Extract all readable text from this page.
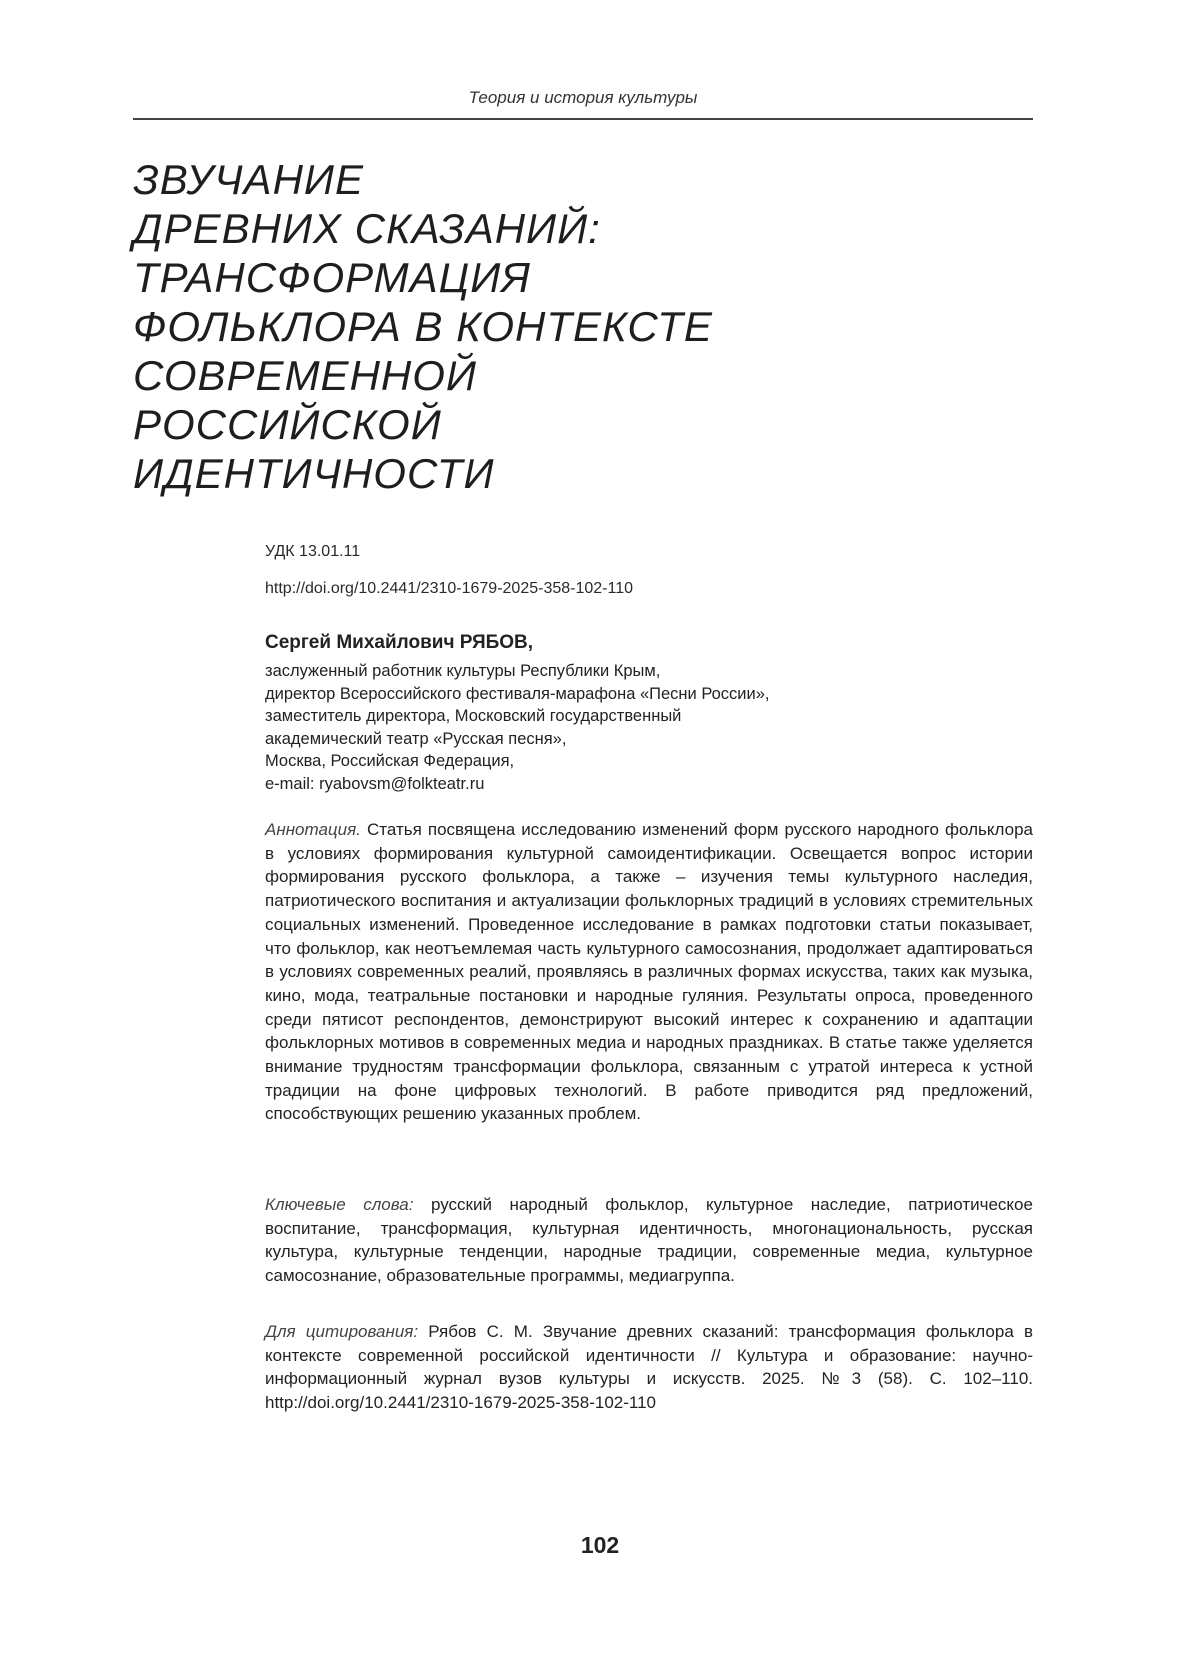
Теория и история культуры
ЗВУЧАНИЕ
ДРЕВНИХ СКАЗАНИЙ:
ТРАНСФОРМАЦИЯ
ФОЛЬКЛОРА В КОНТЕКСТЕ
СОВРЕМЕННОЙ
РОССИЙСКОЙ
ИДЕНТИЧНОСТИ
УДК 13.01.11
http://doi.org/10.2441/2310-1679-2025-358-102-110
Сергей Михайлович РЯБОВ,
заслуженный работник культуры Республики Крым,
директор Всероссийского фестиваля-марафона «Песни России»,
заместитель директора, Московский государственный
академический театр «Русская песня»,
Москва, Российская Федерация,
e-mail: ryabovsm@folkteatr.ru
Аннотация. Статья посвящена исследованию изменений форм русского народного фольклора в условиях формирования культурной самоидентификации. Освещается вопрос истории формирования русского фольклора, а также – изучения темы культурного наследия, патриотического воспитания и актуализации фольклорных традиций в условиях стремительных социальных изменений. Проведенное исследование в рамках подготовки статьи показывает, что фольклор, как неотъемлемая часть культурного самосознания, продолжает адаптироваться в условиях современных реалий, проявляясь в различных формах искусства, таких как музыка, кино, мода, театральные постановки и народные гуляния. Результаты опроса, проведенного среди пятисот респондентов, демонстрируют высокий интерес к сохранению и адаптации фольклорных мотивов в современных медиа и народных праздниках. В статье также уделяется внимание трудностям трансформации фольклора, связанным с утратой интереса к устной традиции на фоне цифровых технологий. В работе приводится ряд предложений, способствующих решению указанных проблем.
Ключевые слова: русский народный фольклор, культурное наследие, патриотическое воспитание, трансформация, культурная идентичность, многонациональность, русская культура, культурные тенденции, народные традиции, современные медиа, культурное самосознание, образовательные программы, медиагруппа.
Для цитирования: Рябов С. М. Звучание древних сказаний: трансформация фольклора в контексте современной российской идентичности // Культура и образование: научно-информационный журнал вузов культуры и искусств. 2025. №3 (58). С. 102–110. http://doi.org/10.2441/2310-1679-2025-358-102-110
102
